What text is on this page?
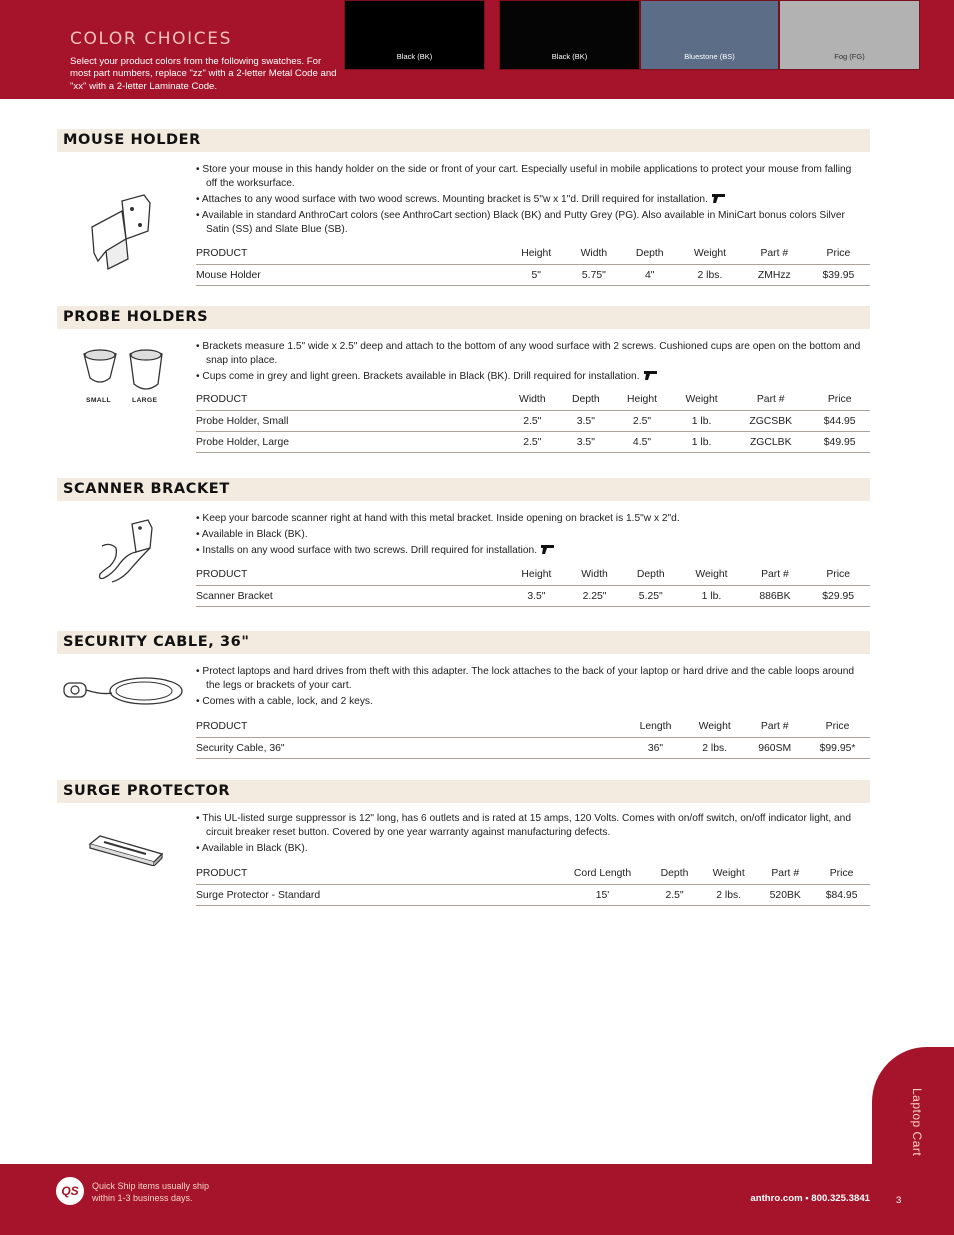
COLOR CHOICES
Select your product colors from the following swatches. For most part numbers, replace "zz" with a 2-letter Metal Code and "xx" with a 2-letter Laminate Code.
Black (BK)	Black (BK)	Bluestone (BS)	Fog (FG)
MOUSE HOLDER
• Store your mouse in this handy holder on the side or front of your cart. Especially useful in mobile applications to protect your mouse from falling off the worksurface.
• Attaches to any wood surface with two wood screws. Mounting bracket is 5"w x 1"d. Drill required for installation.
• Available in standard AnthroCart colors (see AnthroCart section) Black (BK) and Putty Grey (PG). Also available in MiniCart bonus colors Silver Satin (SS) and Slate Blue (SB).
PRODUCT	Height	Width	Depth	Weight	Part #	Price
Mouse Holder	5"	5.75"	4"	2 lbs.	ZMHzz	$39.95
PROBE HOLDERS
SMALL	LARGE
• Brackets measure 1.5" wide x 2.5" deep and attach to the bottom of any wood surface with 2 screws. Cushioned cups are open on the bottom and snap into place.
• Cups come in grey and light green. Brackets available in Black (BK). Drill required for installation.
PRODUCT	Width	Depth	Height	Weight	Part #	Price
Probe Holder, Small	2.5"	3.5"	2.5"	1 lb.	ZGCSBK	$44.95
Probe Holder, Large	2.5"	3.5"	4.5"	1 lb.	ZGCLBK	$49.95
SCANNER BRACKET
• Keep your barcode scanner right at hand with this metal bracket. Inside opening on bracket is 1.5"w x 2"d.
• Available in Black (BK).
• Installs on any wood surface with two screws. Drill required for installation.
PRODUCT	Height	Width	Depth	Weight	Part #	Price
Scanner Bracket	3.5"	2.25"	5.25"	1 lb.	886BK	$29.95
SECURITY CABLE, 36"
• Protect laptops and hard drives from theft with this adapter. The lock attaches to the back of your laptop or hard drive and the cable loops around the legs or brackets of your cart.
• Comes with a cable, lock, and 2 keys.
PRODUCT	Length	Weight	Part #	Price
Security Cable, 36"	36"	2 lbs.	960SM	$99.95*
SURGE PROTECTOR
• This UL-listed surge suppressor is 12" long, has 6 outlets and is rated at 15 amps, 120 Volts. Comes with on/off switch, on/off indicator light, and circuit breaker reset button. Covered by one year warranty against manufacturing defects.
• Available in Black (BK).
PRODUCT	Cord Length	Depth	Weight	Part #	Price
Surge Protector - Standard	15'	2.5"	2 lbs.	520BK	$84.95
Laptop Cart
QS	Quick Ship items usually ship
within 1-3 business days.	anthro.com • 800.325.3841	3
